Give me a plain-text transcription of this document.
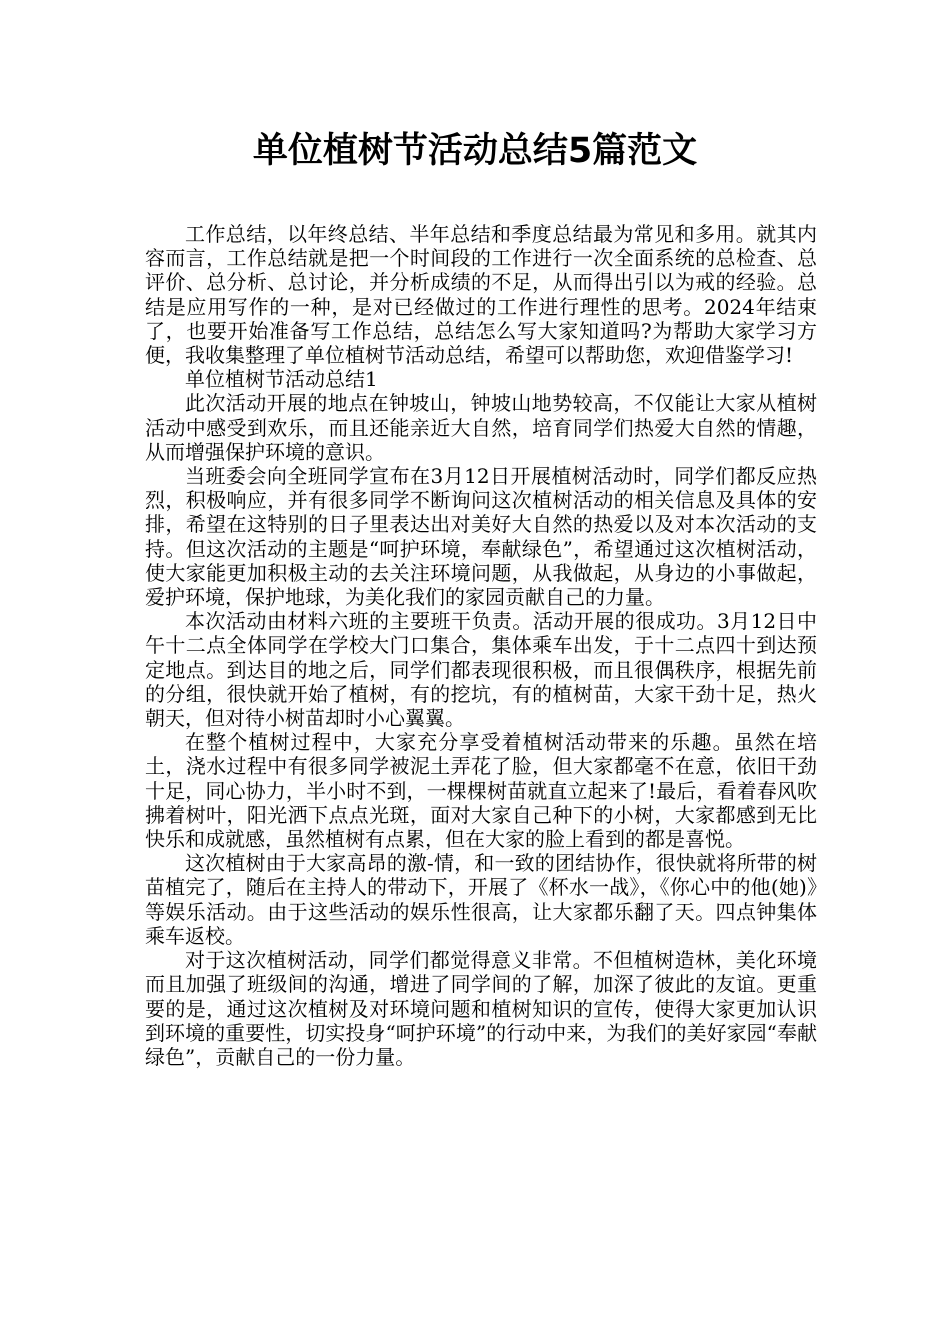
单位植树节活动总结5篇范文

工作总结，以年终总结、半年总结和季度总结最为常见和多用。就其内容而言，工作总结就是把一个时间段的工作进行一次全面系统的总检查、总评价、总分析、总讨论，并分析成绩的不足，从而得出引以为戒的经验。总结是应用写作的一种，是对已经做过的工作进行理性的思考。2024年结束了，也要开始准备写工作总结，总结怎么写大家知道吗?为帮助大家学习方便，我收集整理了单位植树节活动总结，希望可以帮助您，欢迎借鉴学习!

单位植树节活动总结1

此次活动开展的地点在钟坡山，钟坡山地势较高，不仅能让大家从植树活动中感受到欢乐，而且还能亲近大自然，培育同学们热爱大自然的情趣，从而增强保护环境的意识。

当班委会向全班同学宣布在3月12日开展植树活动时，同学们都反应热烈，积极响应，并有很多同学不断询问这次植树活动的相关信息及具体的安排，希望在这特别的日子里表达出对美好大自然的热爱以及对本次活动的支持。但这次活动的主题是“呵护环境，奉献绿色”，希望通过这次植树活动，使大家能更加积极主动的去关注环境问题，从我做起，从身边的小事做起，爱护环境，保护地球，为美化我们的家园贡献自己的力量。

本次活动由材料六班的主要班干负责。活动开展的很成功。3月12日中午十二点全体同学在学校大门口集合，集体乘车出发，于十二点四十到达预定地点。到达目的地之后，同学们都表现很积极，而且很偶秩序，根据先前的分组，很快就开始了植树，有的挖坑，有的植树苗，大家干劲十足，热火朝天，但对待小树苗却时小心翼翼。

在整个植树过程中，大家充分享受着植树活动带来的乐趣。虽然在培土，浇水过程中有很多同学被泥土弄花了脸，但大家都毫不在意，依旧干劲十足，同心协力，半小时不到，一棵棵树苗就直立起来了!最后，看着春风吹拂着树叶，阳光洒下点点光斑，面对大家自己种下的小树，大家都感到无比快乐和成就感，虽然植树有点累，但在大家的脸上看到的都是喜悦。

这次植树由于大家高昂的激-情，和一致的团结协作，很快就将所带的树苗植完了，随后在主持人的带动下，开展了《杯水一战》，《你心中的他(她)》等娱乐活动。由于这些活动的娱乐性很高，让大家都乐翻了天。四点钟集体乘车返校。

对于这次植树活动，同学们都觉得意义非常。不但植树造林，美化环境而且加强了班级间的沟通，增进了同学间的了解，加深了彼此的友谊。更重要的是，通过这次植树及对环境问题和植树知识的宣传，使得大家更加认识到环境的重要性，切实投身“呵护环境”的行动中来，为我们的美好家园“奉献绿色”，贡献自己的一份力量。
